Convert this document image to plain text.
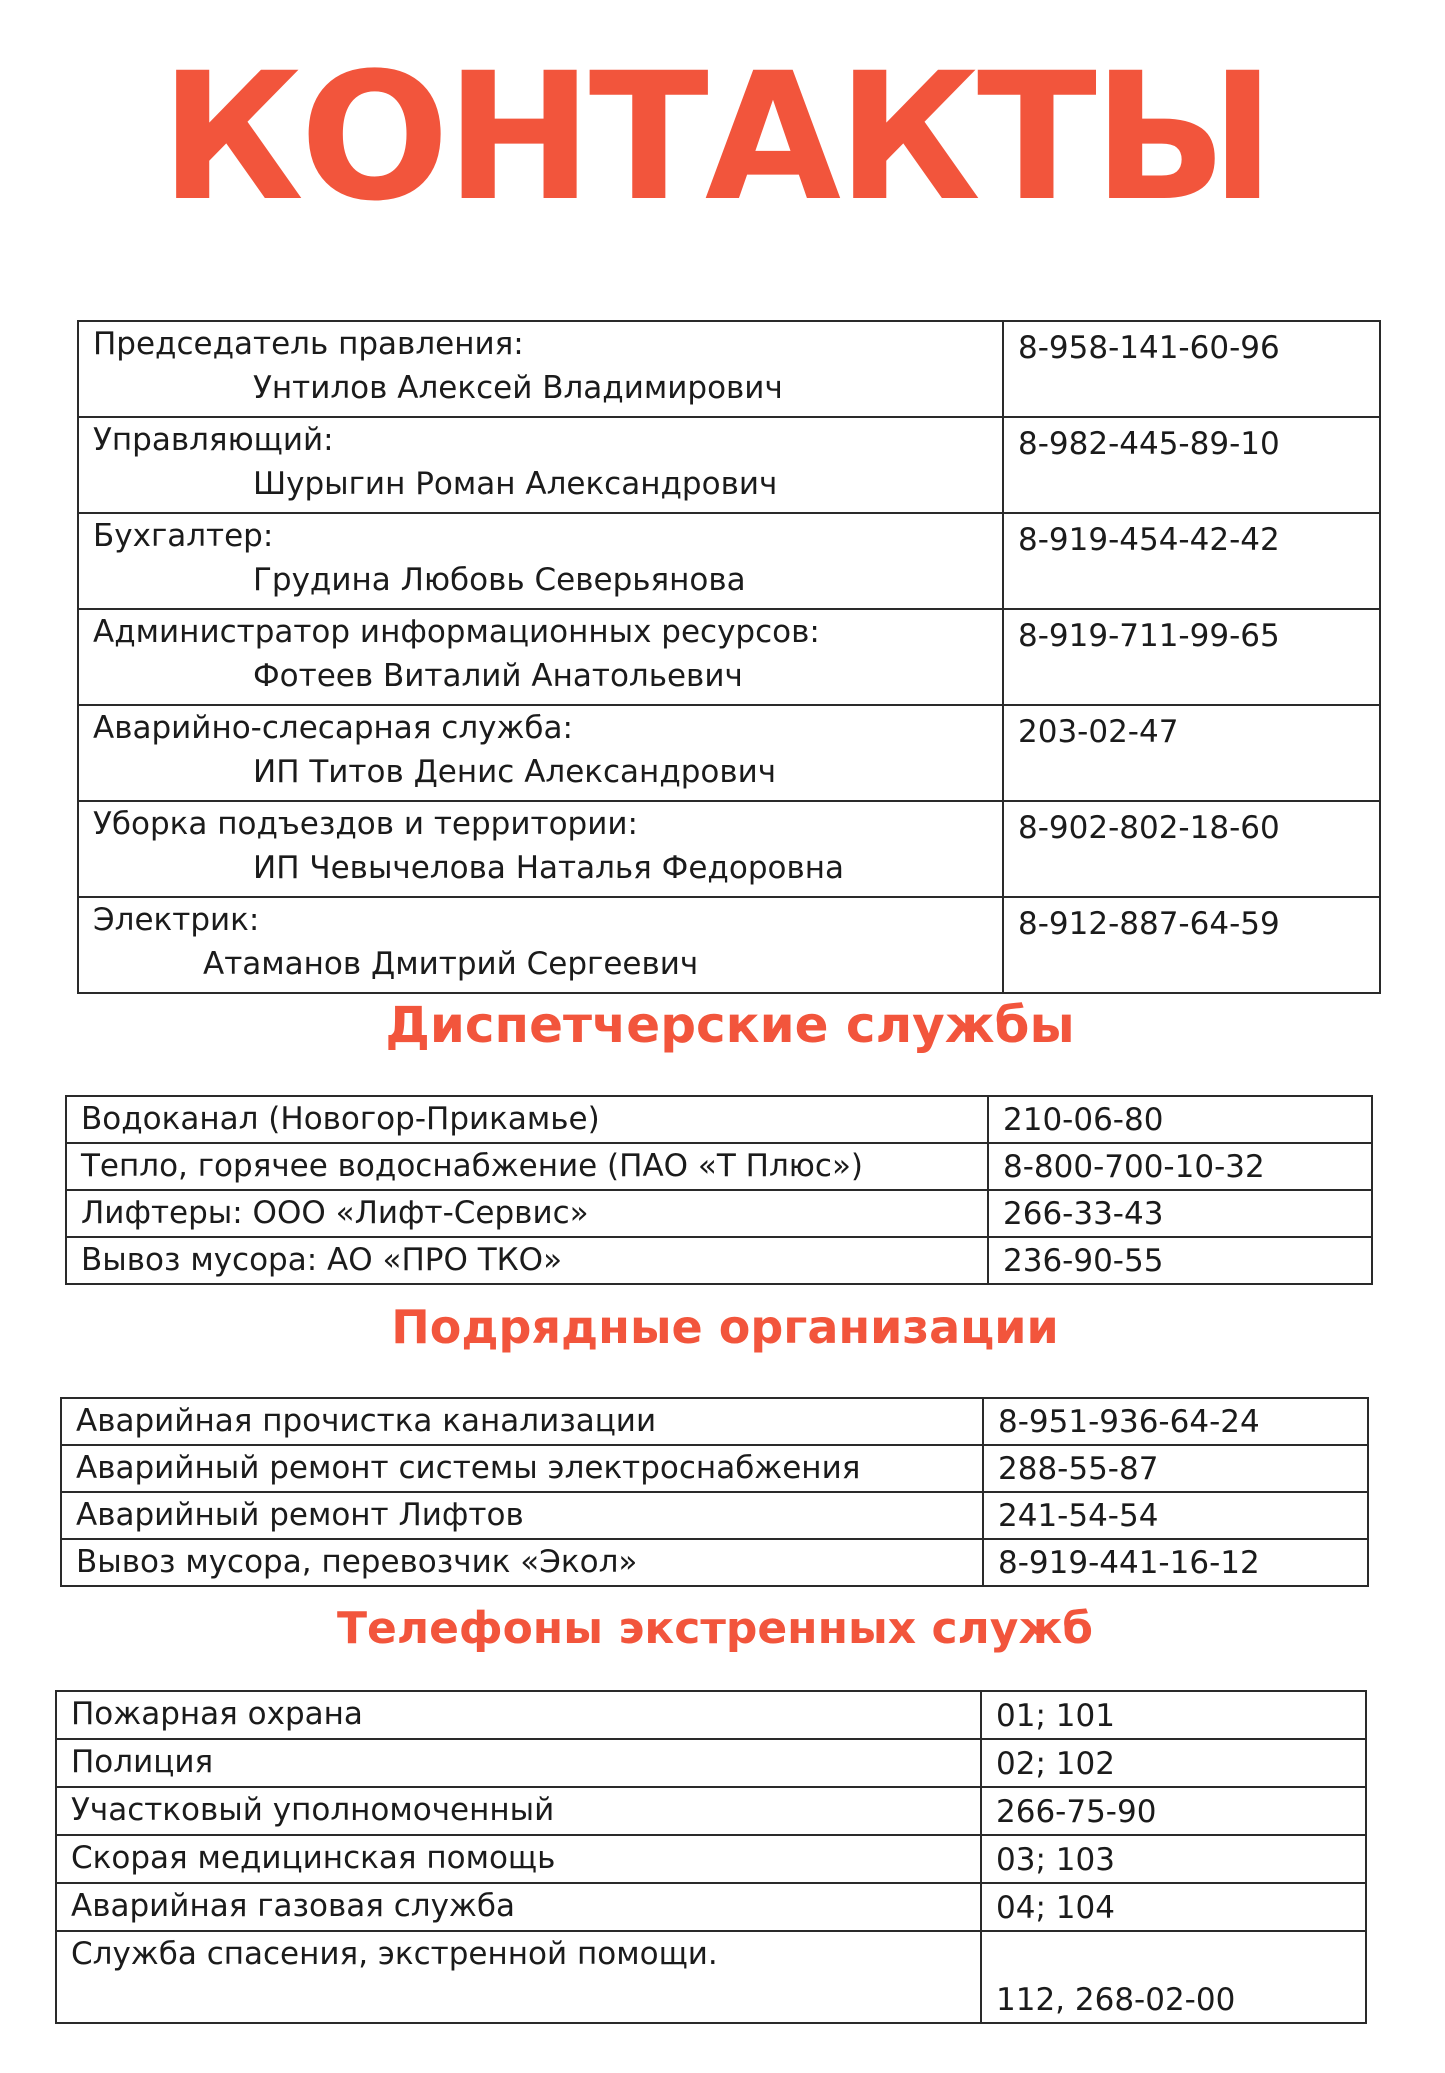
КОНТАКТЫ
Председатель правления:
Унтилов Алексей Владимирович	8-958-141-60-96

Управляющий:
Шурыгин Роман Александрович	8-982-445-89-10

Бухгалтер:
Грудина Любовь Северьянова	8-919-454-42-42

Администратор информационных ресурсов:
Фотеев Виталий Анатольевич	8-919-711-99-65

Аварийно-слесарная служба:
ИП Титов Денис Александрович	203-02-47

Уборка подъездов и территории:
ИП Чевычелова Наталья Федоровна	8-902-802-18-60

Электрик:
Атаманов Дмитрий Сергеевич	8-912-887-64-59
Диспетчерские службы
Водоканал (Новогор-Прикамье)	210-06-80
Тепло, горячее водоснабжение (ПАО «Т Плюс»)	8-800-700-10-32
Лифтеры: ООО «Лифт-Сервис»	266-33-43
Вывоз мусора: АО «ПРО ТКО»	236-90-55
Подрядные организации
Аварийная прочистка канализации	8-951-936-64-24
Аварийный ремонт системы электроснабжения	288-55-87
Аварийный ремонт Лифтов	241-54-54
Вывоз мусора, перевозчик «Экол»	8-919-441-16-12
Телефоны экстренных служб
Пожарная охрана	01; 101
Полиция	02; 102
Участковый уполномоченный	266-75-90
Скорая медицинская помощь	03; 103
Аварийная газовая служба	04; 104
Служба спасения, экстренной помощи.	112, 268-02-00
